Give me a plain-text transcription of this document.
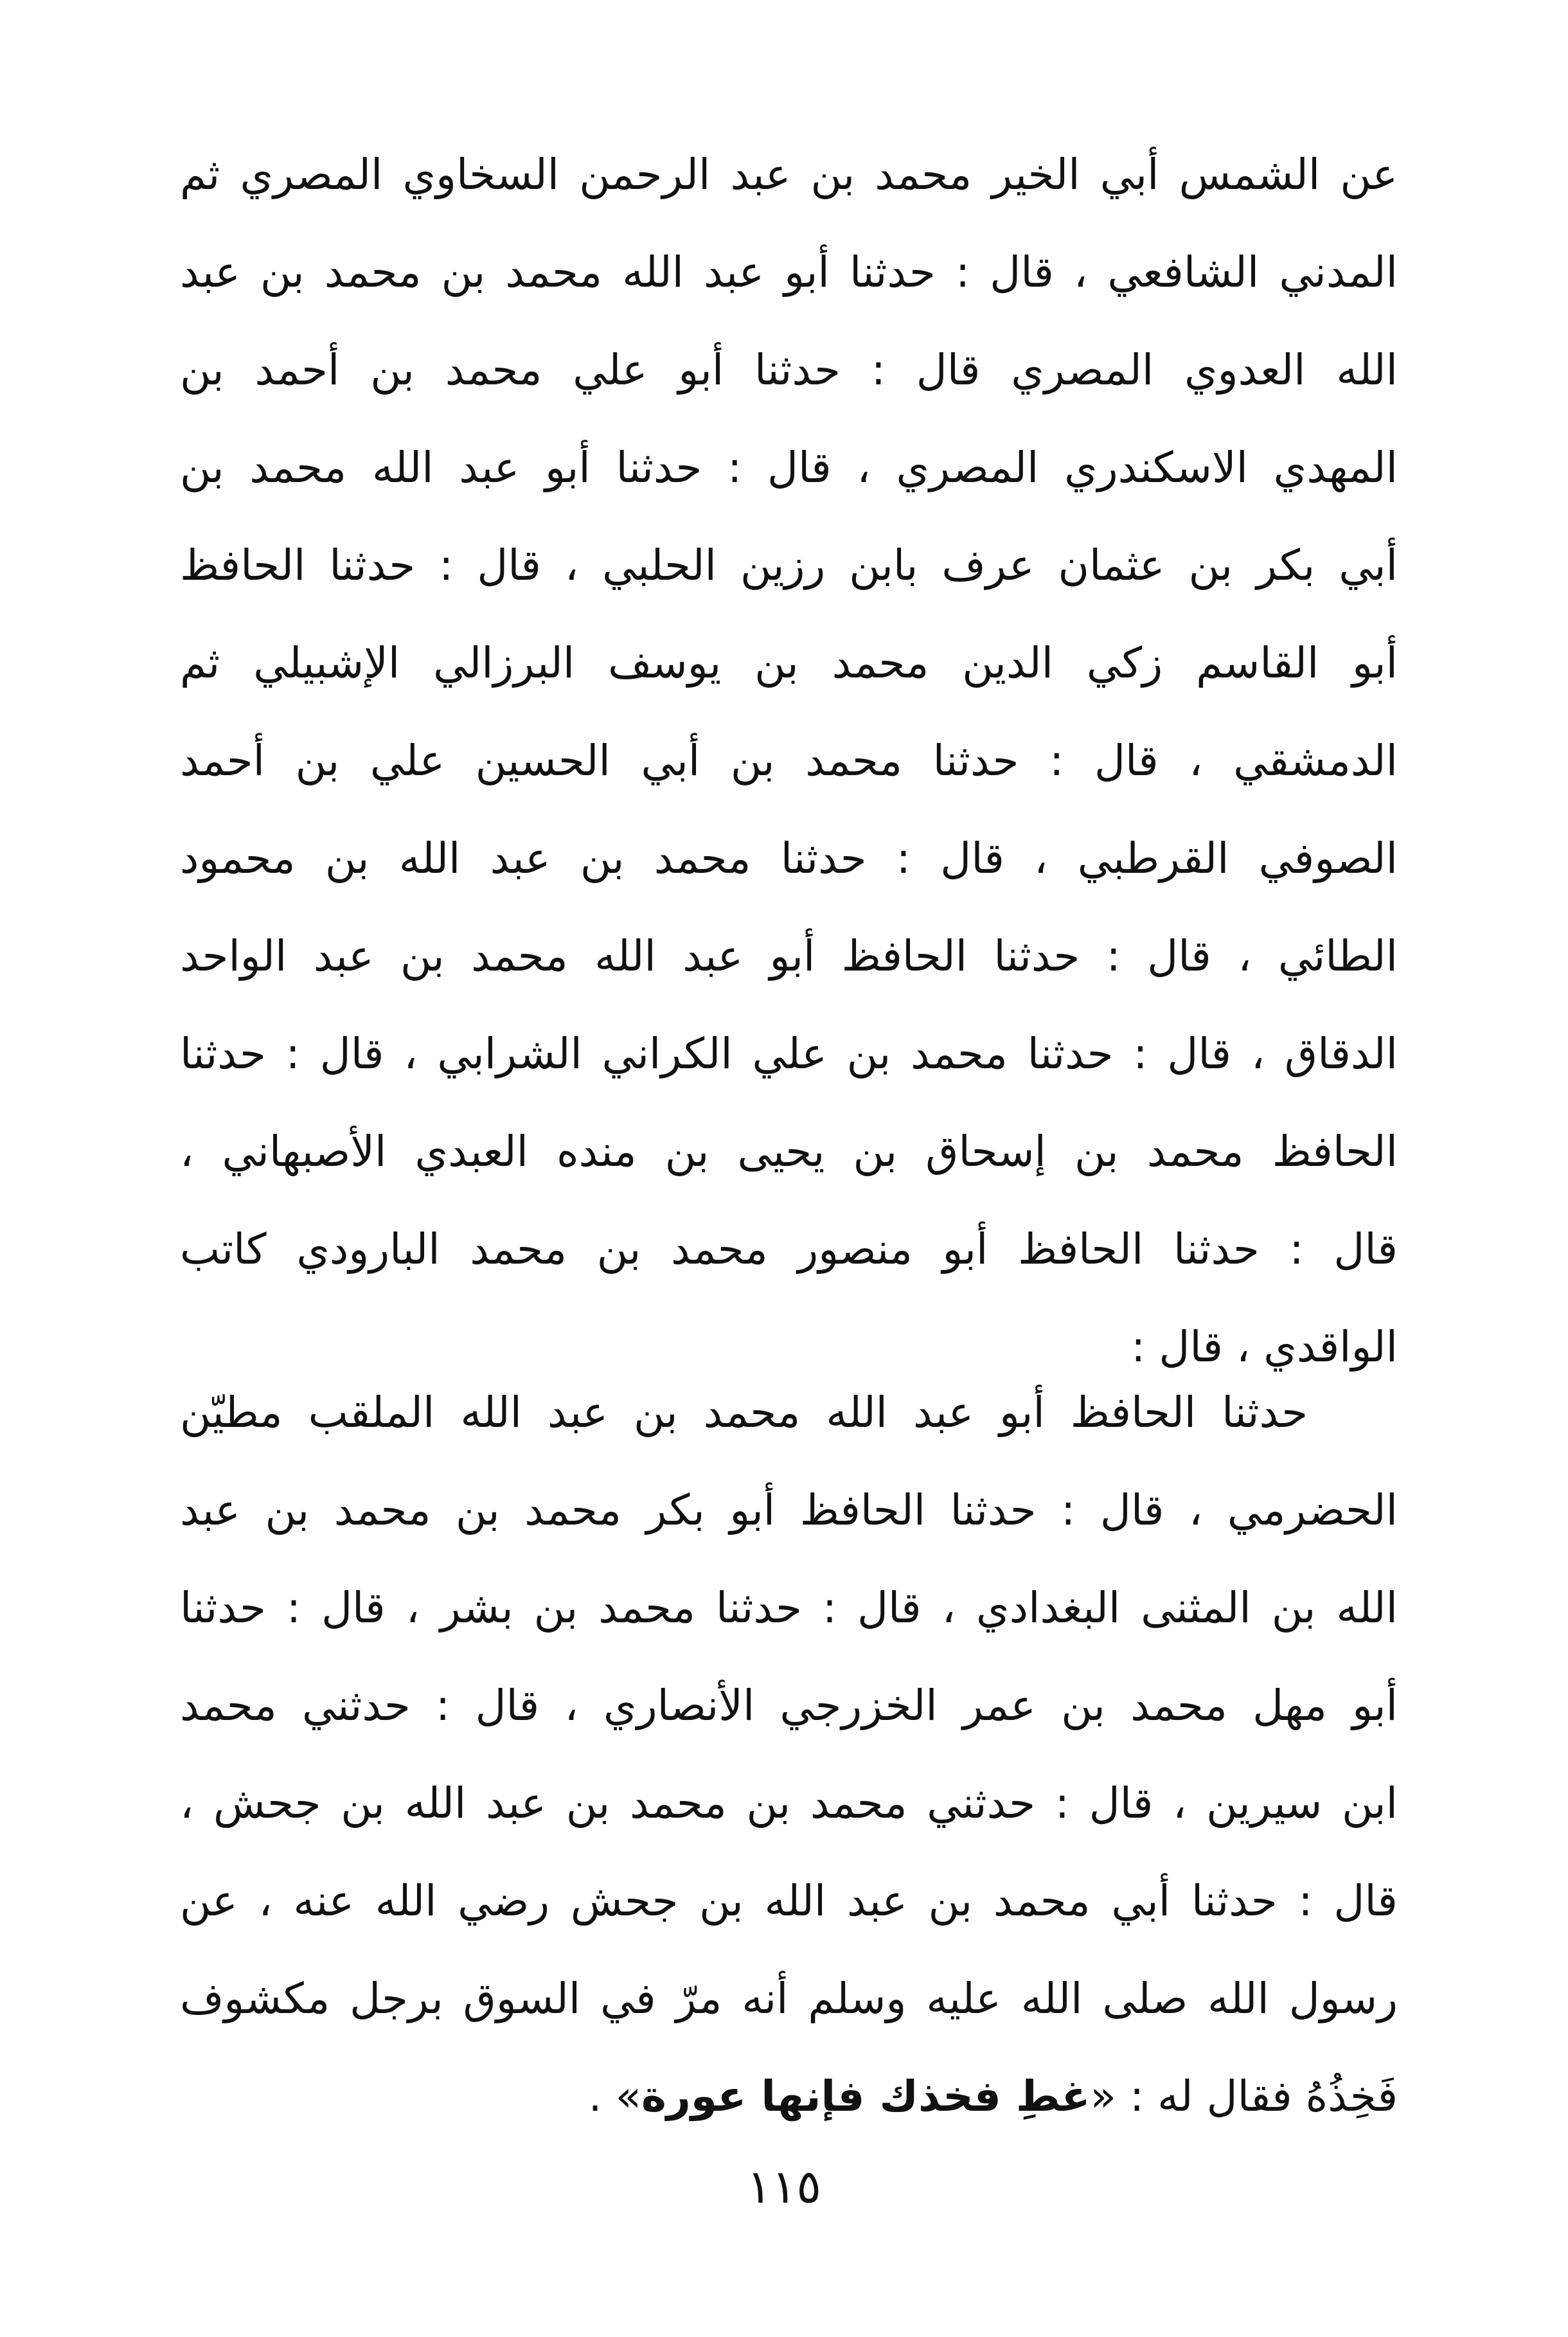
عن الشمس أبي الخير محمد بن عبد الرحمن السخاوي المصري ثم
المدني الشافعي ، قال : حدثنا أبو عبد الله محمد بن محمد بن عبد
الله العدوي المصري قال : حدثنا أبو علي محمد بن أحمد بن
المهدي الاسكندري المصري ، قال : حدثنا أبو عبد الله محمد بن
أبي بكر بن عثمان عرف بابن رزين الحلبي ، قال : حدثنا الحافظ
أبو القاسم زكي الدين محمد بن يوسف البرزالي الإشبيلي ثم
الدمشقي ، قال : حدثنا محمد بن أبي الحسين علي بن أحمد
الصوفي القرطبي ، قال : حدثنا محمد بن عبد الله بن محمود
الطائي ، قال : حدثنا الحافظ أبو عبد الله محمد بن عبد الواحد
الدقاق ، قال : حدثنا محمد بن علي الكراني الشرابي ، قال : حدثنا
الحافظ محمد بن إسحاق بن يحيى بن منده العبدي الأصبهاني ،
قال : حدثنا الحافظ أبو منصور محمد بن محمد البارودي كاتب
الواقدي ، قال :
حدثنا الحافظ أبو عبد الله محمد بن عبد الله الملقب مطيّن
الحضرمي ، قال : حدثنا الحافظ أبو بكر محمد بن محمد بن عبد
الله بن المثنى البغدادي ، قال : حدثنا محمد بن بشر ، قال : حدثنا
أبو مهل محمد بن عمر الخزرجي الأنصاري ، قال : حدثني محمد
ابن سيرين ، قال : حدثني محمد بن محمد بن عبد الله بن جحش ،
قال : حدثنا أبي محمد بن عبد الله بن جحش رضي الله عنه ، عن
رسول الله صلى الله عليه وسلم أنه مرّ في السوق برجل مكشوف
فَخِذُهُ فقال له : «غطِ فخذك فإنها عورة» .
١١٥
